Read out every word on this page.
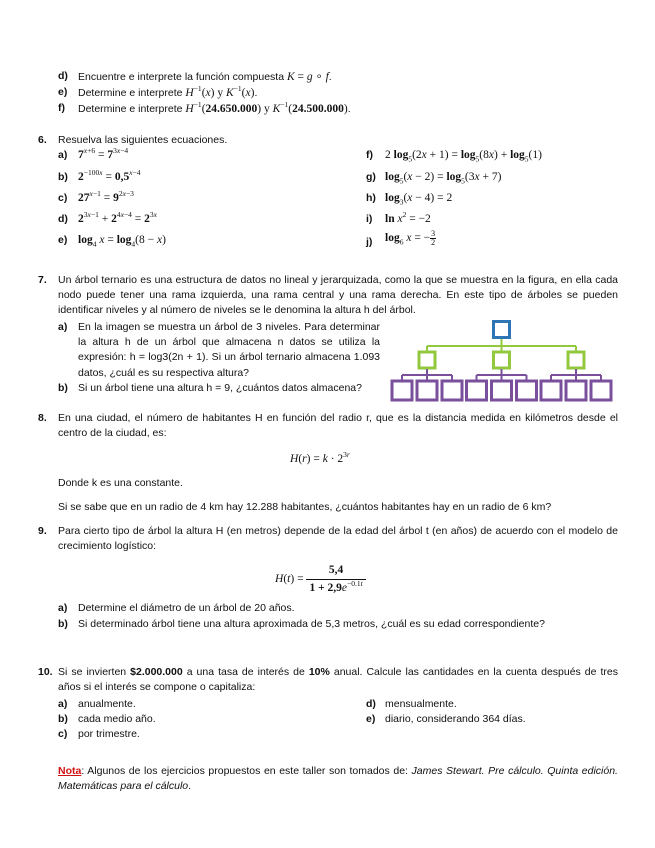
d) Encuentre e interprete la función compuesta K = g ∘ f.
e) Determine e interprete $H^{-1}(x)$ y $K^{-1}(x)$.
f) Determine e interprete $H^{-1}(24.650.000)$ y $K^{-1}(24.500.000)$.
6. Resuelva las siguientes ecuaciones.
a) $7^{x+6} = 7^{3x-4}$
b) $2^{-100x} = 0,5^{x-4}$
c) $27^{x-1} = 9^{2x-3}$
d) $2^{3x-1} + 2^{4x-4} = 2^{3x}$
e) $\log_4 x = \log_4(8 - x)$
f) 2 $\log_5(2x + 1) = \log_5(8x) + \log_5(1)$
g) $\log_5(x - 2) = \log_5(3x + 7)$
h) $\log_3(x - 4) = 2$
i) $\ln x^2 = -2$
j) $\log_6 x$ = − $\frac{3}{2}$
7. Un árbol ternario es una estructura de datos no lineal y jerarquizada, como la que se muestra en la figura, en ella cada nodo puede tener una rama izquierda, una rama central y una rama derecha. En este tipo de árboles se pueden identificar niveles y al número de niveles se le denomina la altura h del árbol.
a) En la imagen se muestra un árbol de 3 niveles. Para determinar la altura h de un árbol que almacena n datos se utiliza la expresión: h = log3(2n + 1). Si un árbol ternario almacena 1.093 datos, ¿cuál es su respectiva altura?
b) Si un árbol tiene una altura h = 9, ¿cuántos datos almacena?
8. En una ciudad, el número de habitantes H en función del radio r, que es la distancia medida en kilómetros desde el centro de la ciudad, es:
$H(r) = k \cdot 2^{3r}$
Donde k es una constante.
Si se sabe que en un radio de 4 km hay 12.288 habitantes, ¿cuántos habitantes hay en un radio de 6 km?
9. Para cierto tipo de árbol la altura H (en metros) depende de la edad del árbol t (en años) de acuerdo con el modelo de crecimiento logístico:
$H(t) = \frac{5,4}{1 + 2,9e^{-0.1t}}$
a) Determine el diámetro de un árbol de 20 años.
b) Si determinado árbol tiene una altura aproximada de 5,3 metros, ¿cuál es su edad correspondiente?
10. Si se invierten $2.000.000 a una tasa de interés de 10% anual. Calcule las cantidades en la cuenta después de tres años si el interés se compone o capitaliza:
a) anualmente.
b) cada medio año.
c) por trimestre.
d) mensualmente.
e) diario, considerando 364 días.
Nota: Algunos de los ejercicios propuestos en este taller son tomados de: James Stewart. Pre cálculo. Quinta edición. Matemáticas para el cálculo.
